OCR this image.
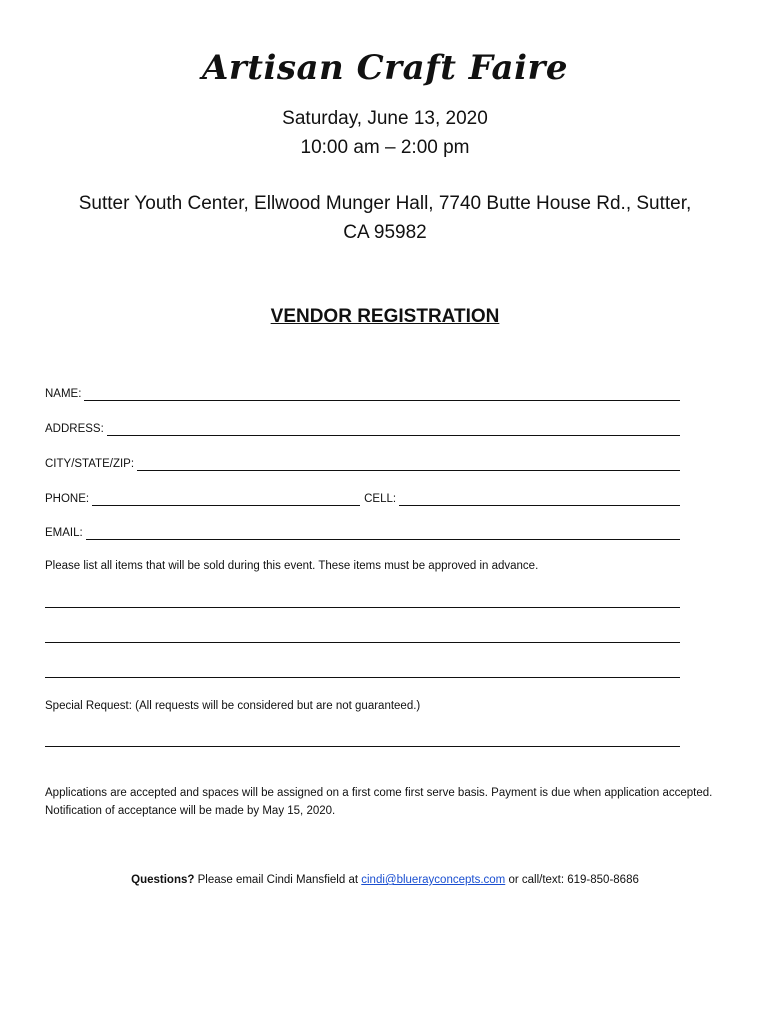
Artisan Craft Faire
Saturday, June 13, 2020
10:00 am – 2:00 pm
Sutter Youth Center, Ellwood Munger Hall, 7740 Butte House Rd., Sutter,
CA 95982
VENDOR REGISTRATION
NAME:
ADDRESS:
CITY/STATE/ZIP:
PHONE:	CELL:
EMAIL:
Please list all items that will be sold during this event. These items must be approved in advance.
Special Request: (All requests will be considered but are not guaranteed.)
Applications are accepted and spaces will be assigned on a first come first serve basis. Payment is due when application accepted. Notification of acceptance will be made by May 15, 2020.
Questions? Please email Cindi Mansfield at cindi@bluerayconcepts.com or call/text: 619-850-8686
